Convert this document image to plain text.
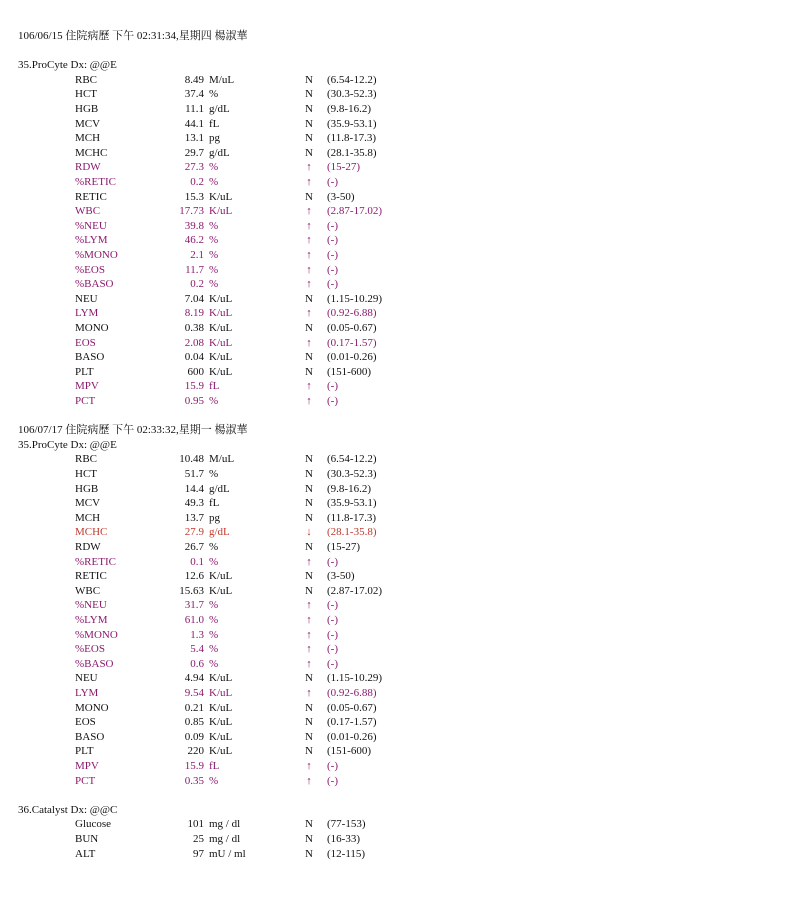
106/06/15 住院病歷 下午 02:31:34,星期四 楊淑華
35.ProCyte Dx: @@E
RBC	8.49 M/uL	N (6.54-12.2)
HCT	37.4 %	N (30.3-52.3)
HGB	11.1 g/dL	N (9.8-16.2)
MCV	44.1 fL	N (35.9-53.1)
MCH	13.1 pg	N (11.8-17.3)
MCHC	29.7 g/dL	N (28.1-35.8)
RDW	27.3 %	↑ (15-27)
%RETIC	0.2 %	↑ (-)
RETIC	15.3 K/uL	N (3-50)
WBC	17.73 K/uL	↑ (2.87-17.02)
%NEU	39.8 %	↑ (-)
%LYM	46.2 %	↑ (-)
%MONO	2.1 %	↑ (-)
%EOS	11.7 %	↑ (-)
%BASO	0.2 %	↑ (-)
NEU	7.04 K/uL	N (1.15-10.29)
LYM	8.19 K/uL	↑ (0.92-6.88)
MONO	0.38 K/uL	N (0.05-0.67)
EOS	2.08 K/uL	↑ (0.17-1.57)
BASO	0.04 K/uL	N (0.01-0.26)
PLT	600 K/uL	N (151-600)
MPV	15.9 fL	↑ (-)
PCT	0.95 %	↑ (-)
106/07/17 住院病歷 下午 02:33:32,星期一 楊淑華
35.ProCyte Dx: @@E
RBC	10.48 M/uL	N (6.54-12.2)
HCT	51.7 %	N (30.3-52.3)
HGB	14.4 g/dL	N (9.8-16.2)
MCV	49.3 fL	N (35.9-53.1)
MCH	13.7 pg	N (11.8-17.3)
MCHC	27.9 g/dL	↓ (28.1-35.8)
RDW	26.7 %	N (15-27)
%RETIC	0.1 %	↑ (-)
RETIC	12.6 K/uL	N (3-50)
WBC	15.63 K/uL	N (2.87-17.02)
%NEU	31.7 %	↑ (-)
%LYM	61.0 %	↑ (-)
%MONO	1.3 %	↑ (-)
%EOS	5.4 %	↑ (-)
%BASO	0.6 %	↑ (-)
NEU	4.94 K/uL	N (1.15-10.29)
LYM	9.54 K/uL	↑ (0.92-6.88)
MONO	0.21 K/uL	N (0.05-0.67)
EOS	0.85 K/uL	N (0.17-1.57)
BASO	0.09 K/uL	N (0.01-0.26)
PLT	220 K/uL	N (151-600)
MPV	15.9 fL	↑ (-)
PCT	0.35 %	↑ (-)
36.Catalyst Dx: @@C
Glucose	101 mg / dl	N (77-153)
BUN	25 mg / dl	N (16-33)
ALT	97 mU / ml	N (12-115)
